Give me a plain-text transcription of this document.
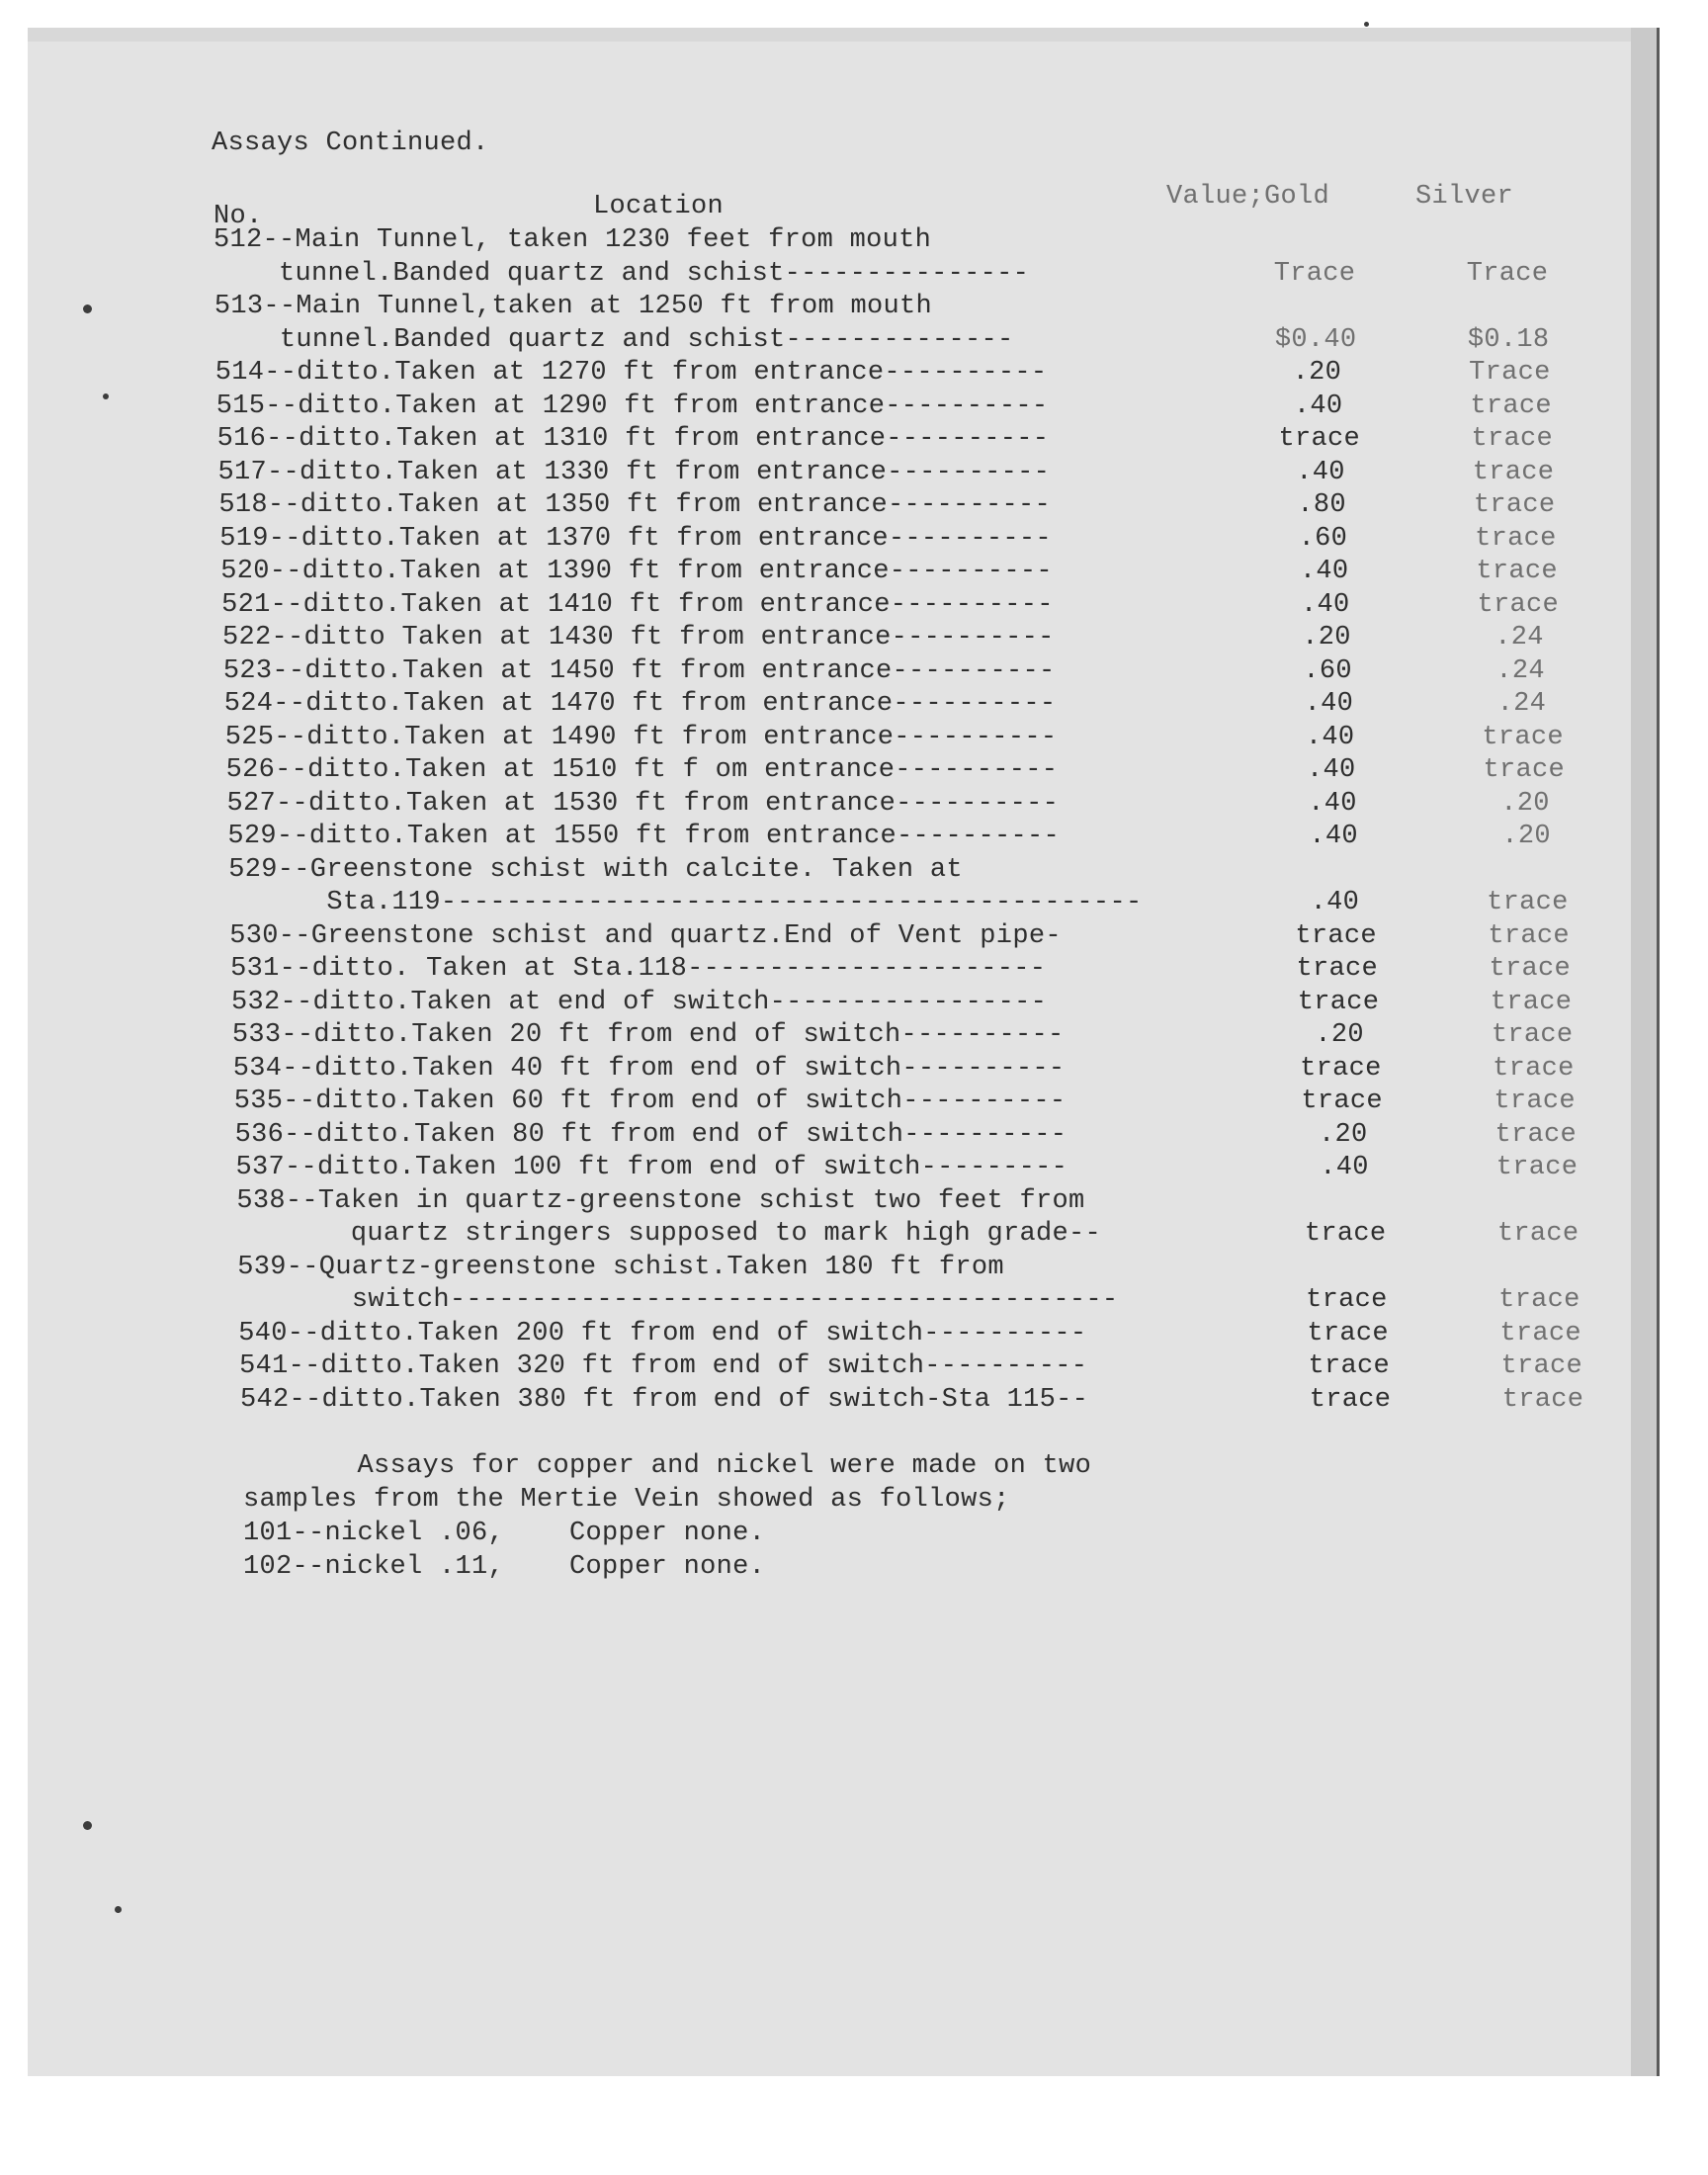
Assays Continued.
No.	Location	Value;Gold	Silver
512--Main Tunnel, taken 1230 feet from mouth
tunnel.Banded quartz and schist---------------	Trace	Trace
513--Main Tunnel,taken at 1250 ft from mouth
tunnel.Banded quartz and schist--------------	$0.40	$0.18
514--ditto.Taken at 1270 ft from entrance----------	.20	Trace
515--ditto.Taken at 1290 ft from entrance----------	.40	trace
516--ditto.Taken at 1310 ft from entrance----------	trace	trace
517--ditto.Taken at 1330 ft from entrance----------	.40	trace
518--ditto.Taken at 1350 ft from entrance----------	.80	trace
519--ditto.Taken at 1370 ft from entrance----------	.60	trace
520--ditto.Taken at 1390 ft from entrance----------	.40	trace
521--ditto.Taken at 1410 ft from entrance----------	.40	trace
522--ditto Taken at 1430 ft from entrance----------	.20	.24
523--ditto.Taken at 1450 ft from entrance----------	.60	.24
524--ditto.Taken at 1470 ft from entrance----------	.40	.24
525--ditto.Taken at 1490 ft from entrance----------	.40	trace
526--ditto.Taken at 1510 ft f om entrance----------	.40	trace
527--ditto.Taken at 1530 ft from entrance----------	.40	.20
529--ditto.Taken at 1550 ft from entrance----------	.40	.20
529--Greenstone schist with calcite. Taken at
Sta.119-------------------------------------------	.40	trace
530--Greenstone schist and quartz.End of Vent pipe-	trace	trace
531--ditto. Taken at Sta.118----------------------	trace	trace
532--ditto.Taken at end of switch-----------------	trace	trace
533--ditto.Taken 20 ft from end of switch----------	.20	trace
534--ditto.Taken 40 ft from end of switch----------	trace	trace
535--ditto.Taken 60 ft from end of switch----------	trace	trace
536--ditto.Taken 80 ft from end of switch----------	.20	trace
537--ditto.Taken 100 ft from end of switch---------	.40	trace
538--Taken in quartz-greenstone schist two feet from
quartz stringers supposed to mark high grade--	trace	trace
539--Quartz-greenstone schist.Taken 180 ft from
switch-----------------------------------------	trace	trace
540--ditto.Taken 200 ft from end of switch----------	trace	trace
541--ditto.Taken 320 ft from end of switch----------	trace	trace
542--ditto.Taken 380 ft from end of switch-Sta 115--	trace	trace
Assays for copper and nickel were made on two
samples from the Mertie Vein showed as follows;
101--nickel .06,    Copper none.
102--nickel .11,    Copper none.
